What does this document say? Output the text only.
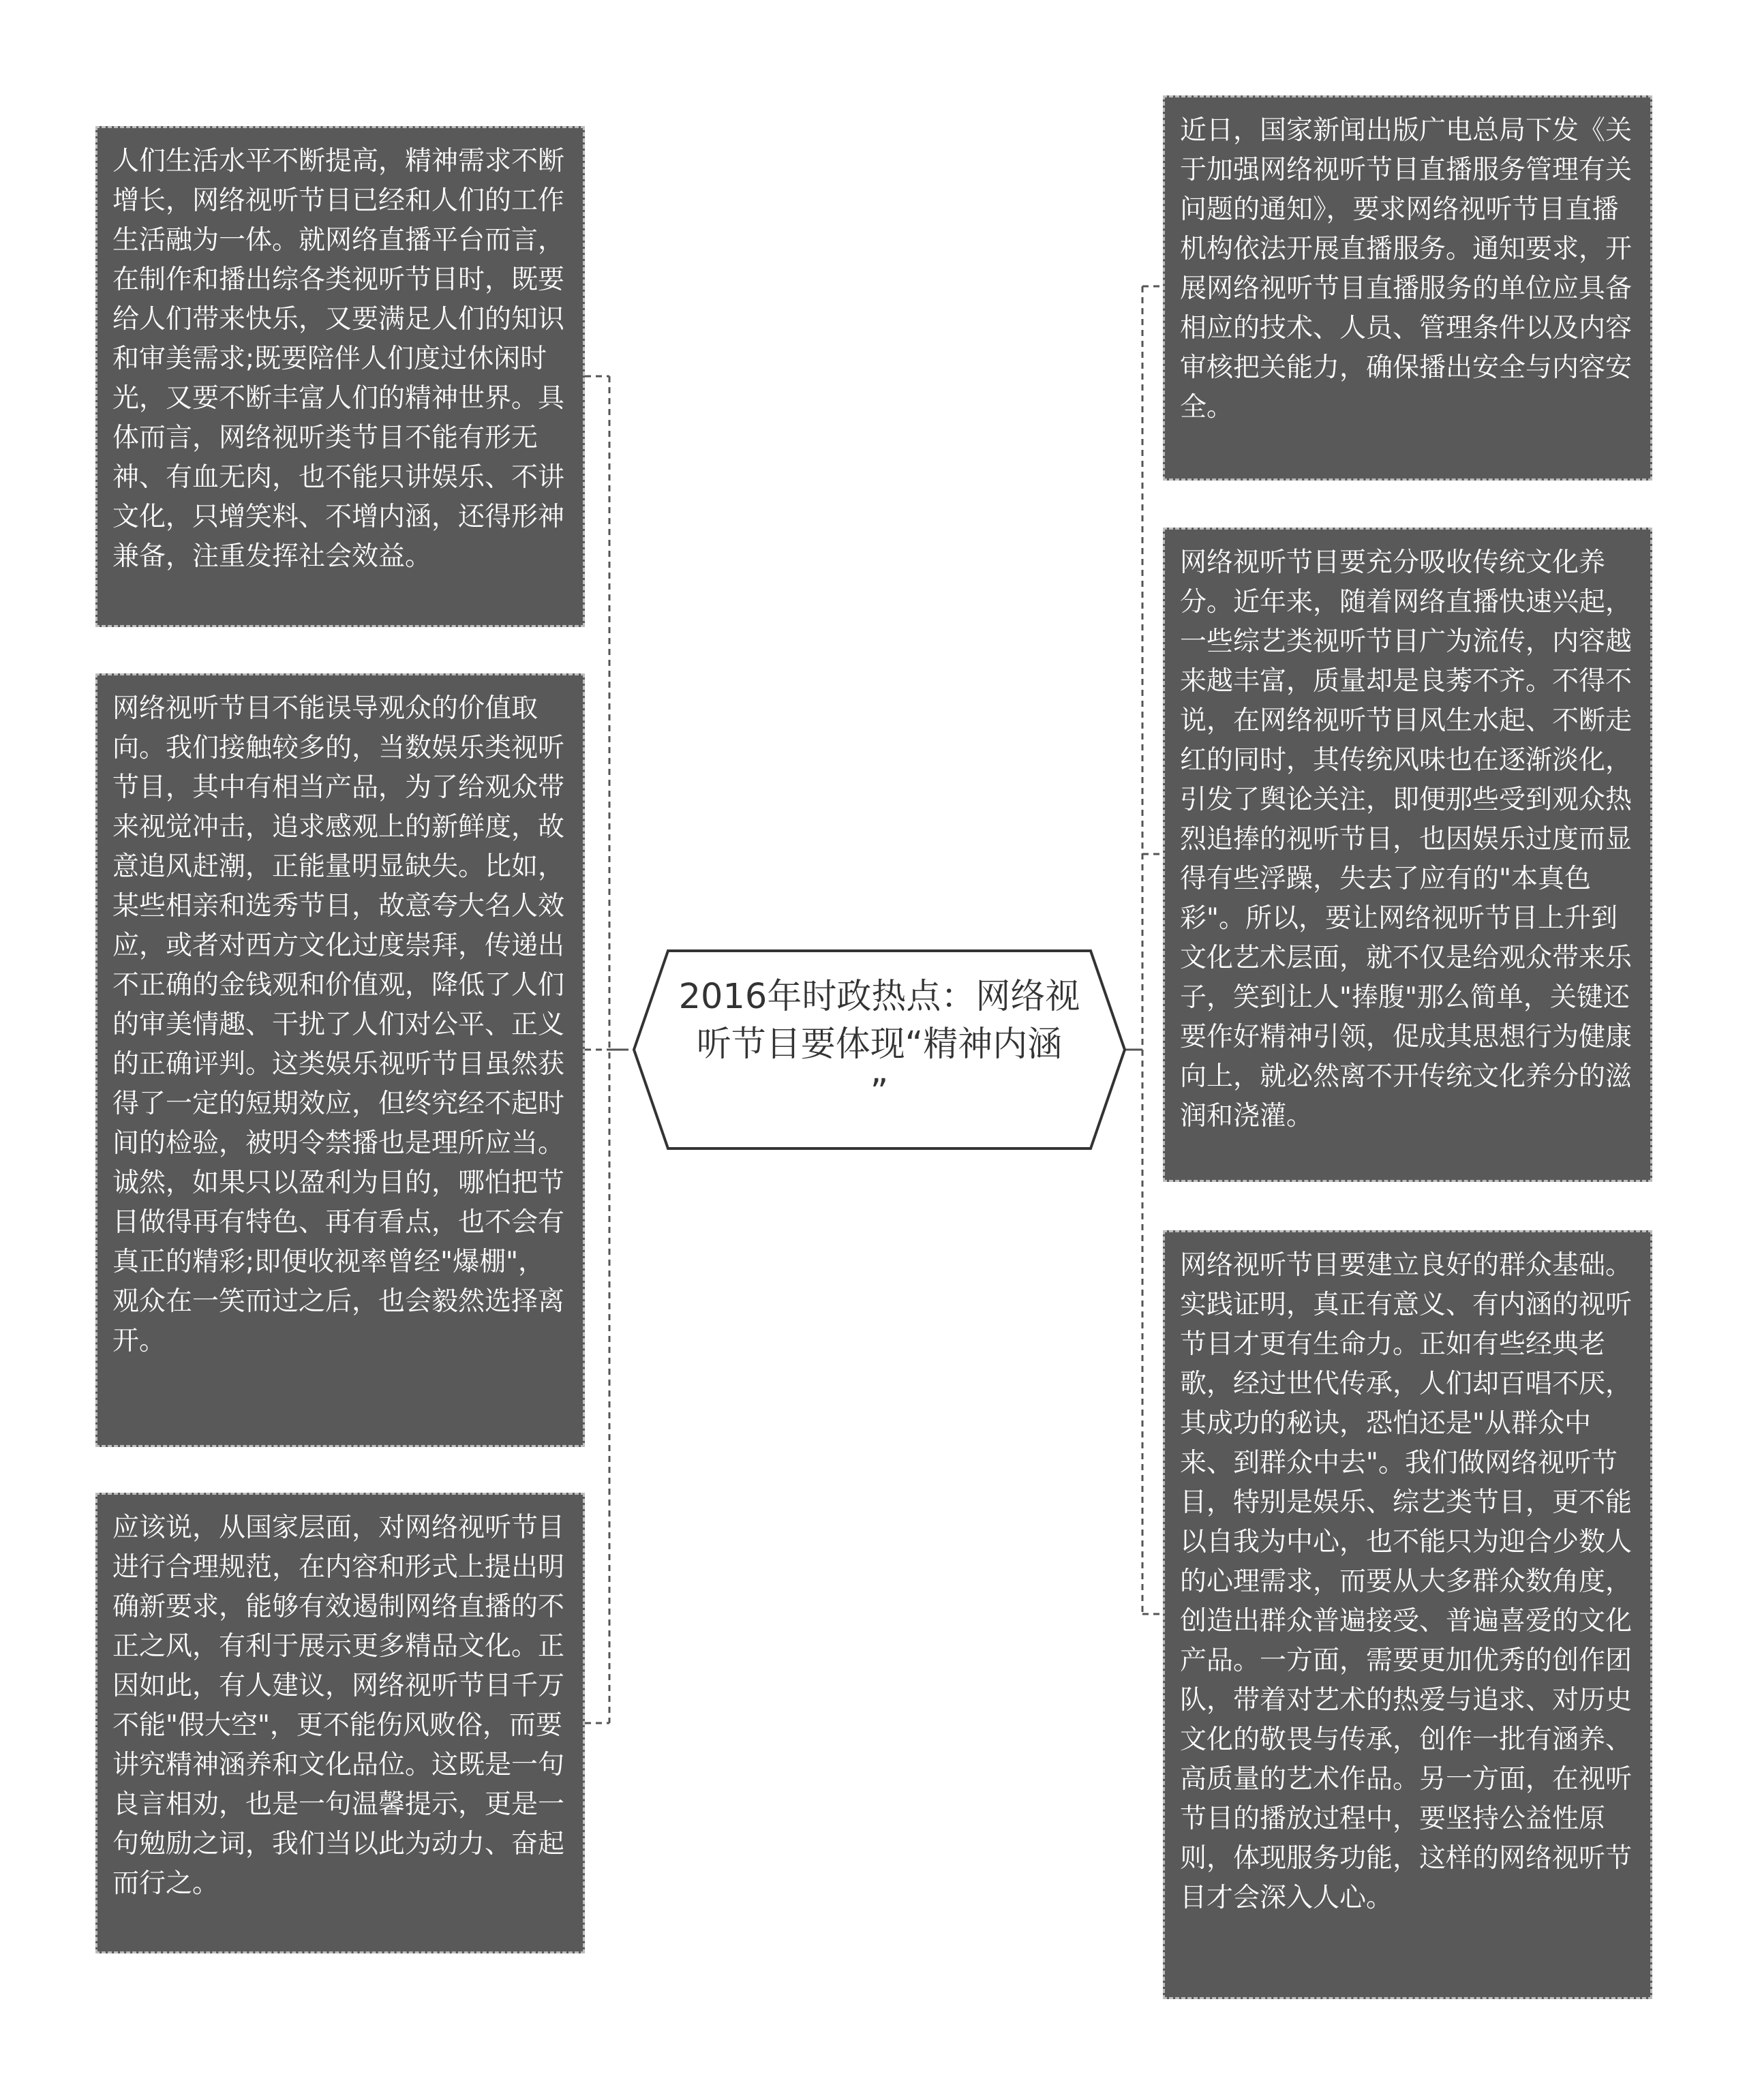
2016年时政热点：网络视
听节目要体现“精神内涵
”
人们生活水平不断提高，精神需求不断增长，网络视听节目已经和人们的工作生活融为一体。就网络直播平台而言，在制作和播出综各类视听节目时，既要给人们带来快乐，又要满足人们的知识和审美需求;既要陪伴人们度过休闲时光，又要不断丰富人们的精神世界。具体而言，网络视听类节目不能有形无神、有血无肉，也不能只讲娱乐、不讲文化，只增笑料、不增内涵，还得形神兼备，注重发挥社会效益。
网络视听节目不能误导观众的价值取向。我们接触较多的，当数娱乐类视听节目，其中有相当产品，为了给观众带来视觉冲击，追求感观上的新鲜度，故意追风赶潮，正能量明显缺失。比如，某些相亲和选秀节目，故意夸大名人效应，或者对西方文化过度崇拜，传递出不正确的金钱观和价值观，降低了人们的审美情趣、干扰了人们对公平、正义的正确评判。这类娱乐视听节目虽然获得了一定的短期效应，但终究经不起时间的检验，被明令禁播也是理所应当。诚然，如果只以盈利为目的，哪怕把节目做得再有特色、再有看点，也不会有真正的精彩;即便收视率曾经"爆棚"，观众在一笑而过之后，也会毅然选择离开。
应该说，从国家层面，对网络视听节目进行合理规范，在内容和形式上提出明确新要求，能够有效遏制网络直播的不正之风，有利于展示更多精品文化。正因如此，有人建议，网络视听节目千万不能"假大空"，更不能伤风败俗，而要讲究精神涵养和文化品位。这既是一句良言相劝，也是一句温馨提示，更是一句勉励之词，我们当以此为动力、奋起而行之。
近日，国家新闻出版广电总局下发《关于加强网络视听节目直播服务管理有关问题的通知》，要求网络视听节目直播机构依法开展直播服务。通知要求，开展网络视听节目直播服务的单位应具备相应的技术、人员、管理条件以及内容审核把关能力，确保播出安全与内容安全。
网络视听节目要充分吸收传统文化养分。近年来，随着网络直播快速兴起，一些综艺类视听节目广为流传，内容越来越丰富，质量却是良莠不齐。不得不说，在网络视听节目风生水起、不断走红的同时，其传统风味也在逐渐淡化，引发了舆论关注，即便那些受到观众热烈追捧的视听节目，也因娱乐过度而显得有些浮躁，失去了应有的"本真色彩"。所以，要让网络视听节目上升到文化艺术层面，就不仅是给观众带来乐子，笑到让人"捧腹"那么简单，关键还要作好精神引领，促成其思想行为健康向上，就必然离不开传统文化养分的滋润和浇灌。
网络视听节目要建立良好的群众基础。实践证明，真正有意义、有内涵的视听节目才更有生命力。正如有些经典老歌，经过世代传承，人们却百唱不厌，其成功的秘诀，恐怕还是"从群众中来、到群众中去"。我们做网络视听节目，特别是娱乐、综艺类节目，更不能以自我为中心，也不能只为迎合少数人的心理需求，而要从大多群众数角度，创造出群众普遍接受、普遍喜爱的文化产品。一方面，需要更加优秀的创作团队，带着对艺术的热爱与追求、对历史文化的敬畏与传承，创作一批有涵养、高质量的艺术作品。另一方面，在视听节目的播放过程中，要坚持公益性原则，体现服务功能，这样的网络视听节目才会深入人心。
